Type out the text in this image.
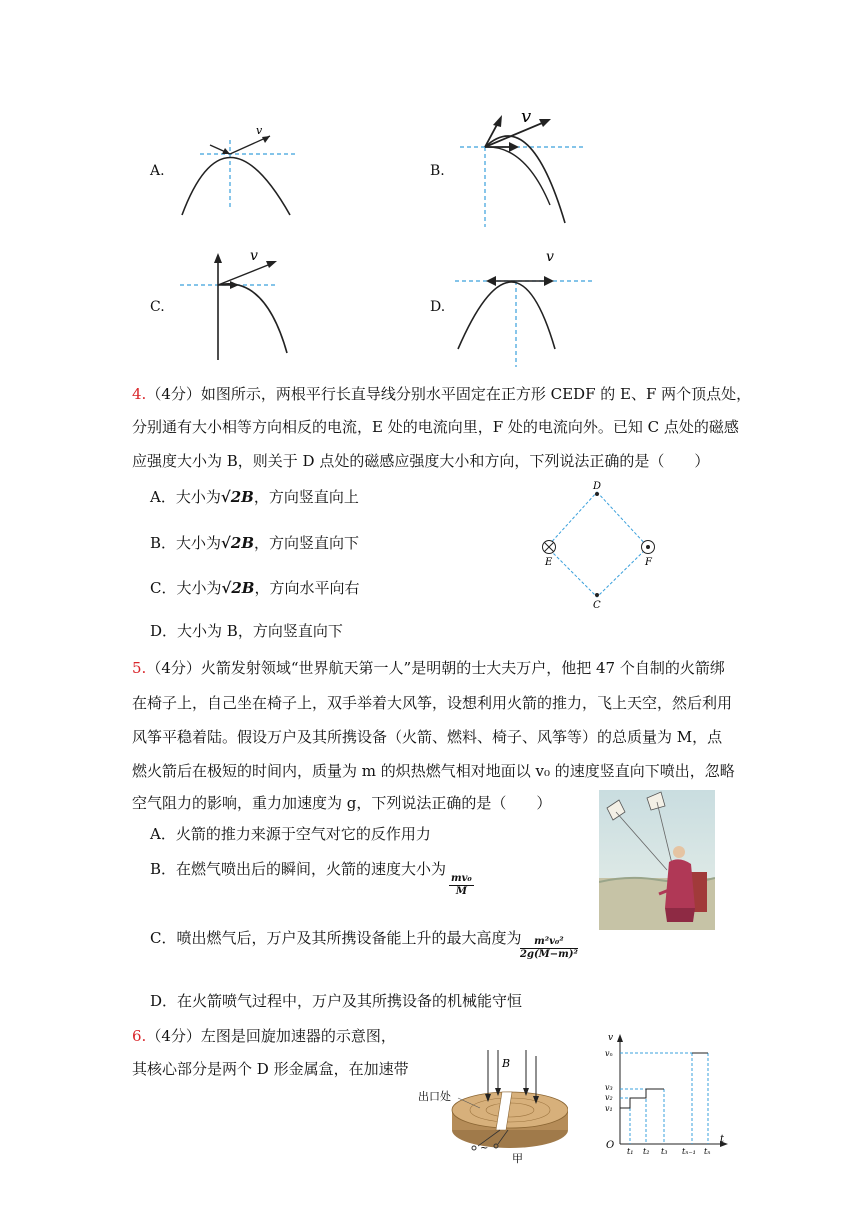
A.
v
B.
v
C.
v
D.
v
4.（4分）如图所示，两根平行长直导线分别水平固定在正方形 CEDF 的 E、F 两个顶点处，
分别通有大小相等方向相反的电流，E 处的电流向里，F 处的电流向外。已知 C 点处的磁感
应强度大小为 B，则关于 D 点处的磁感应强度大小和方向，下列说法正确的是（　　）
A．大小为√2B，方向竖直向上
B．大小为√2B，方向竖直向下
C．大小为√2B，方向水平向右
D．大小为 B，方向竖直向下
D
E	F
C
5.（4分）火箭发射领域“世界航天第一人”是明朝的士大夫万户，他把 47 个自制的火箭绑
在椅子上，自己坐在椅子上，双手举着大风筝，设想利用火箭的推力，飞上天空，然后利用
风筝平稳着陆。假设万户及其所携设备（火箭、燃料、椅子、风筝等）的总质量为 M，点
燃火箭后在极短的时间内，质量为 m 的炽热燃气相对地面以 v₀ 的速度竖直向下喷出，忽略
空气阻力的影响，重力加速度为 g，下列说法正确的是（　　）
A．火箭的推力来源于空气对它的反作用力
B．在燃气喷出后的瞬间，火箭的速度大小为
$\frac{\text{mv₀}}{M}$
C．喷出燃气后，万户及其所携设备能上升的最大高度为
$\frac{\text{m²v₀²}}{\text{2g(M−m)²}}$
D．在火箭喷气过程中，万户及其所携设备的机械能守恒
6.（4分）左图是回旋加速器的示意图，
其核心部分是两个 D 形金属盒，在加速带	B
出口处
~
甲
v
vₙ
v₃
v₂
v₁
O
t
t₁ t₂ t₃ tₙ₋₁ tₙ
